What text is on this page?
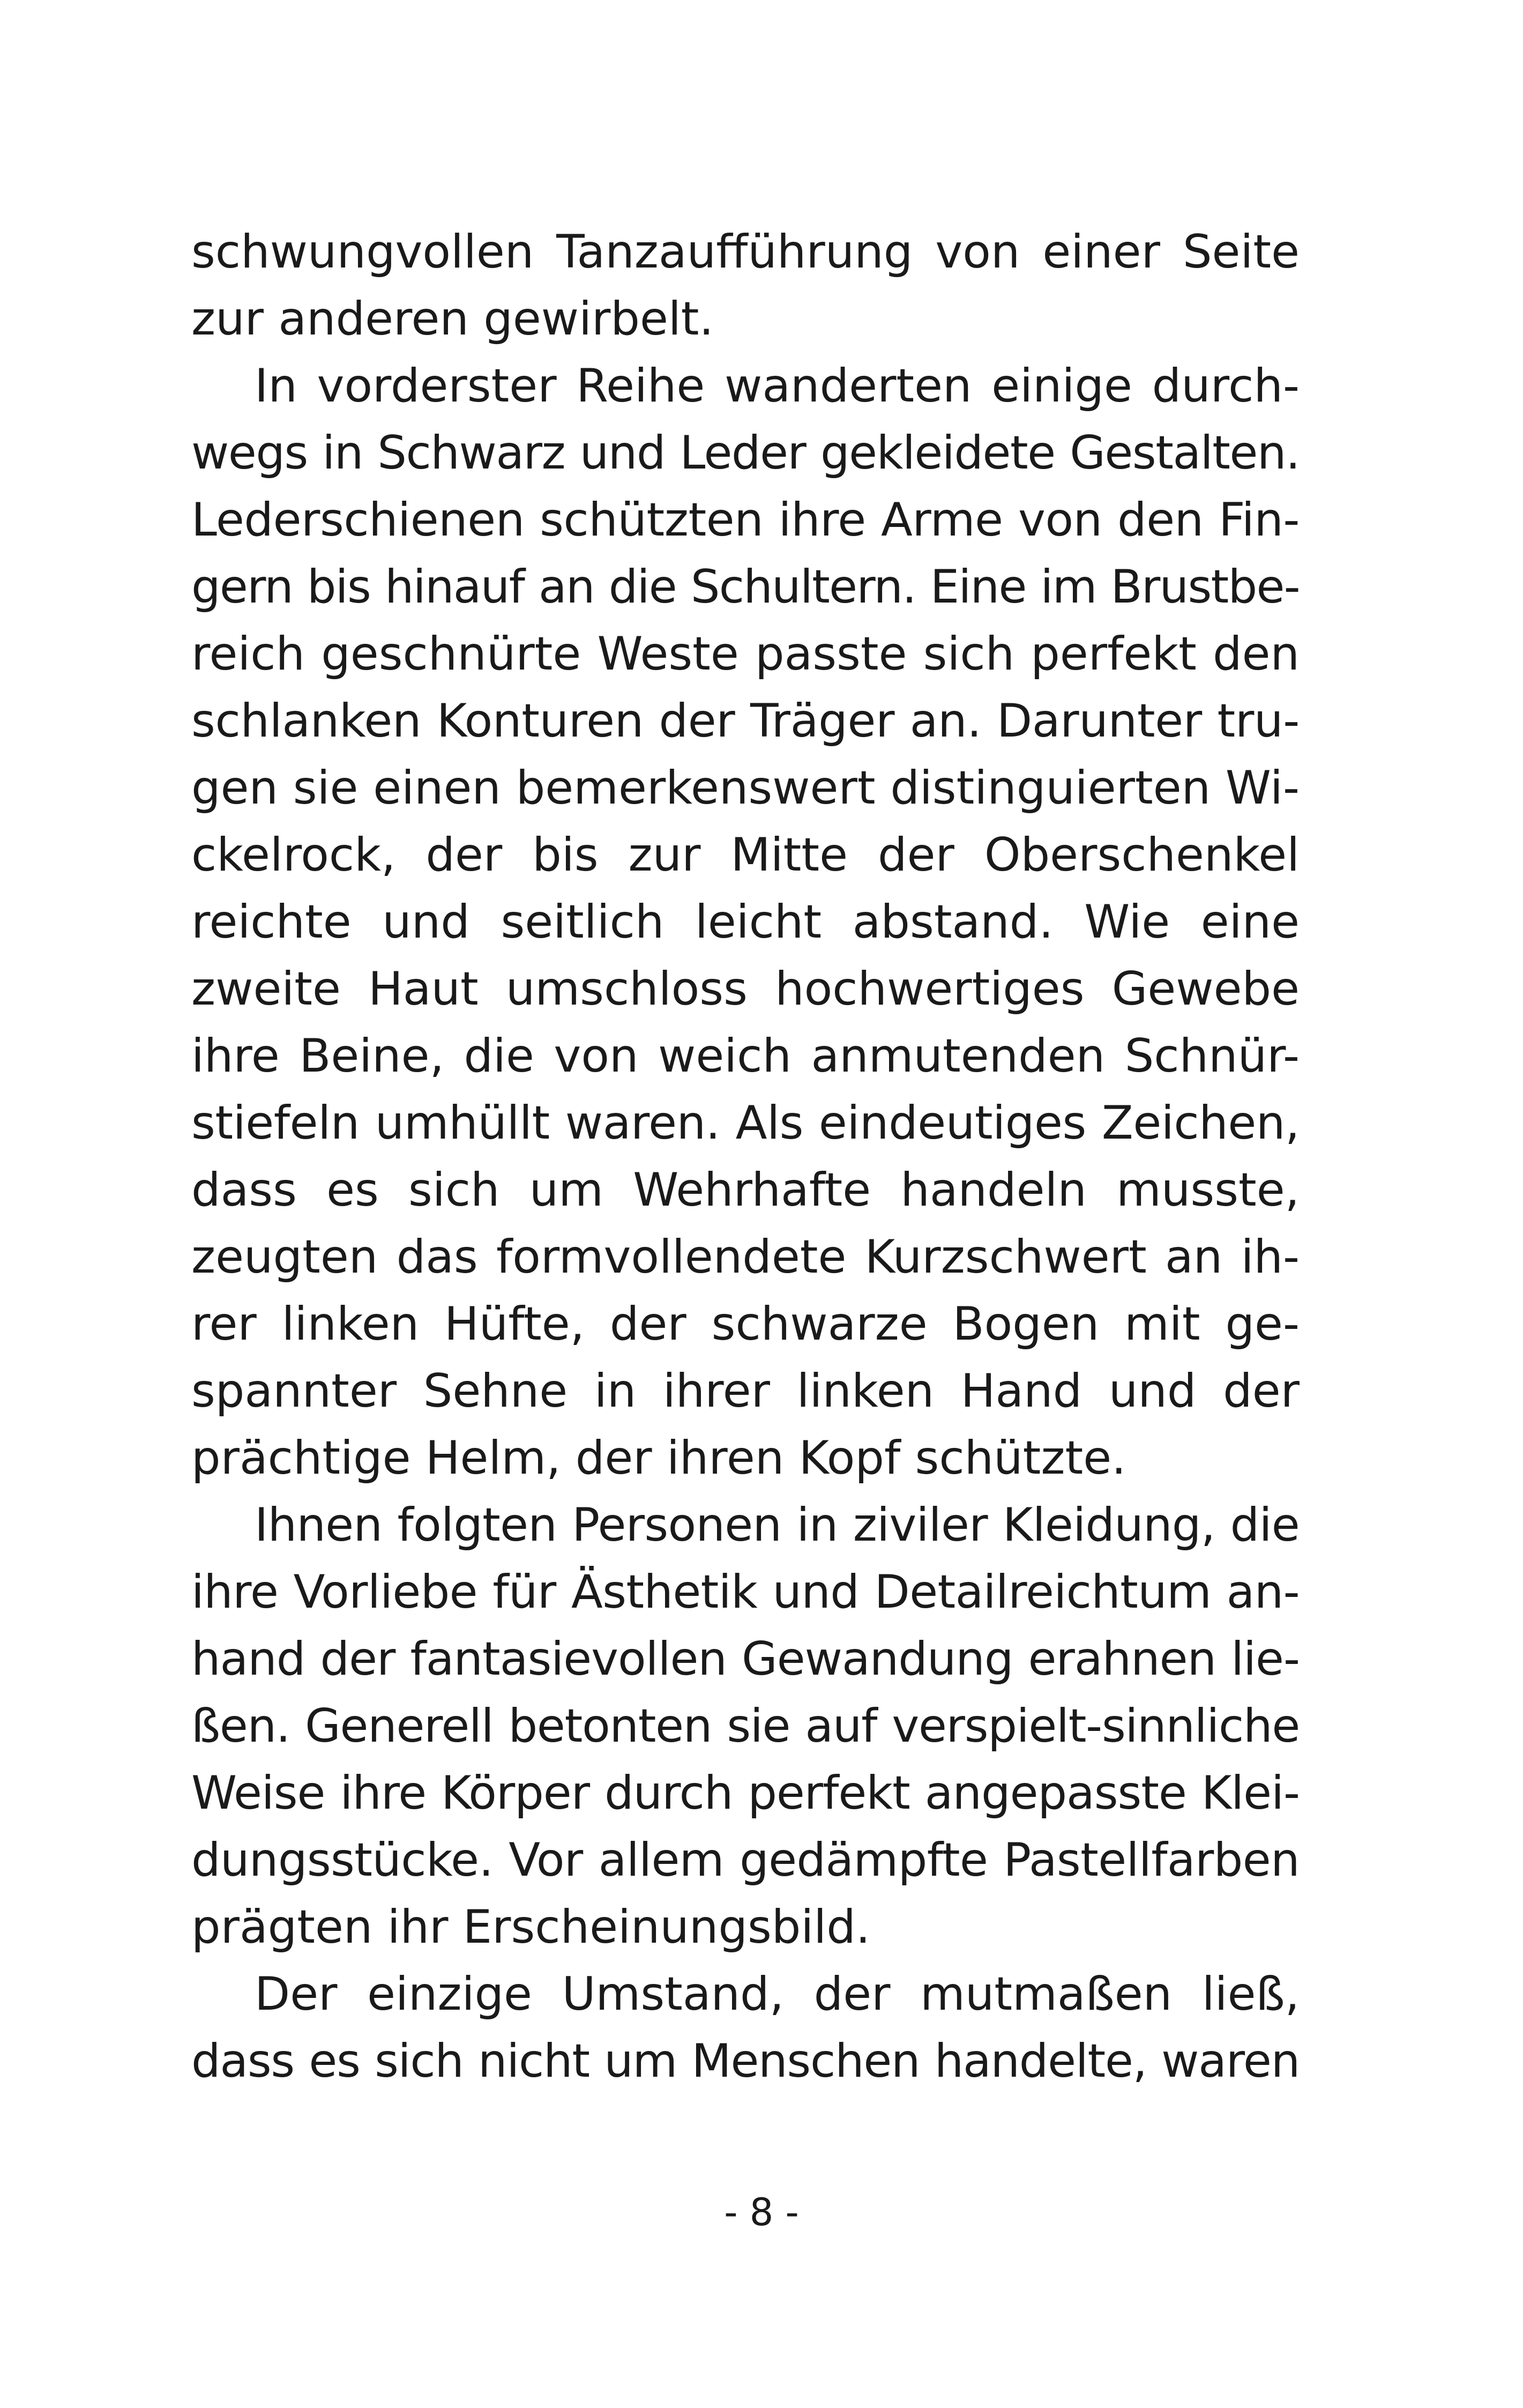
schwungvollen Tanzaufführung von einer Seite
zur anderen gewirbelt.
In vorderster Reihe wanderten einige durch-
wegs in Schwarz und Leder gekleidete Gestalten.
Lederschienen schützten ihre Arme von den Fin-
gern bis hinauf an die Schultern. Eine im Brustbe-
reich geschnürte Weste passte sich perfekt den
schlanken Konturen der Träger an. Darunter tru-
gen sie einen bemerkenswert distinguierten Wi-
ckelrock, der bis zur Mitte der Oberschenkel
reichte und seitlich leicht abstand. Wie eine
zweite Haut umschloss hochwertiges Gewebe
ihre Beine, die von weich anmutenden Schnür-
stiefeln umhüllt waren. Als eindeutiges Zeichen,
dass es sich um Wehrhafte handeln musste,
zeugten das formvollendete Kurzschwert an ih-
rer linken Hüfte, der schwarze Bogen mit ge-
spannter Sehne in ihrer linken Hand und der
prächtige Helm, der ihren Kopf schützte.
Ihnen folgten Personen in ziviler Kleidung, die
ihre Vorliebe für Ästhetik und Detailreichtum an-
hand der fantasievollen Gewandung erahnen lie-
ßen. Generell betonten sie auf verspielt-sinnliche
Weise ihre Körper durch perfekt angepasste Klei-
dungsstücke. Vor allem gedämpfte Pastellfarben
prägten ihr Erscheinungsbild.
Der einzige Umstand, der mutmaßen ließ,
dass es sich nicht um Menschen handelte, waren
- 8 -
